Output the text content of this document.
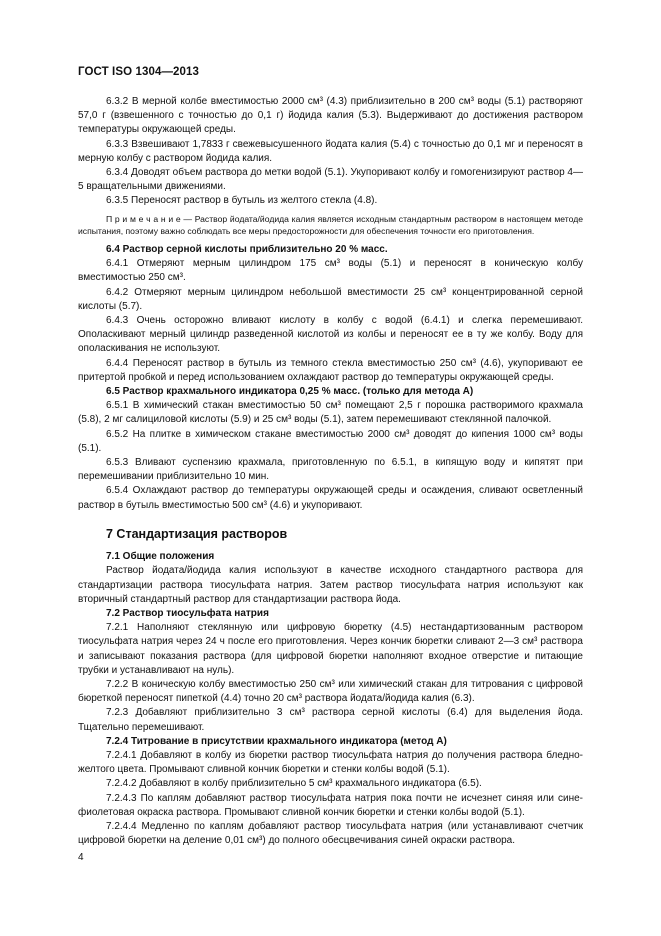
ГОСТ ISO 1304—2013

6.3.2 В мерной колбе вместимостью 2000 см³ (4.3) приблизительно в 200 см³ воды (5.1) растворяют 57,0 г (взвешенного с точностью до 0,1 г) йодида калия (5.3). Выдерживают до достижения раствором температуры окружающей среды.

6.3.3 Взвешивают 1,7833 г свежевысушенного йодата калия (5.4) с точностью до 0,1 мг и переносят в мерную колбу с раствором йодида калия.

6.3.4 Доводят объем раствора до метки водой (5.1). Укупоривают колбу и гомогенизируют раствор 4—5 вращательными движениями.

6.3.5 Переносят раствор в бутыль из желтого стекла (4.8).

П р и м е ч а н и е — Раствор йодата/йодида калия является исходным стандартным раствором в настоящем методе испытания, поэтому важно соблюдать все меры предосторожности для обеспечения точности его приготовления.

6.4 Раствор серной кислоты приблизительно 20 % масс.

6.4.1 Отмеряют мерным цилиндром 175 см³ воды (5.1) и переносят в коническую колбу вместимостью 250 см³.

6.4.2 Отмеряют мерным цилиндром небольшой вместимости 25 см³ концентрированной серной кислоты (5.7).

6.4.3 Очень осторожно вливают кислоту в колбу с водой (6.4.1) и слегка перемешивают. Ополаскивают мерный цилиндр разведенной кислотой из колбы и переносят ее в ту же колбу. Воду для ополаскивания не используют.

6.4.4 Переносят раствор в бутыль из темного стекла вместимостью 250 см³ (4.6), укупоривают ее притертой пробкой и перед использованием охлаждают раствор до температуры окружающей среды.

6.5 Раствор крахмального индикатора 0,25 % масс. (только для метода А)

6.5.1 В химический стакан вместимостью 50 см³ помещают 2,5 г порошка растворимого крахмала (5.8), 2 мг салициловой кислоты (5.9) и 25 см³ воды (5.1), затем перемешивают стеклянной палочкой.

6.5.2 На плитке в химическом стакане вместимостью 2000 см³ доводят до кипения 1000 см³ воды (5.1).

6.5.3 Вливают суспензию крахмала, приготовленную по 6.5.1, в кипящую воду и кипятят при перемешивании приблизительно 10 мин.

6.5.4 Охлаждают раствор до температуры окружающей среды и осаждения, сливают осветленный раствор в бутыль вместимостью 500 см³ (4.6) и укупоривают.

7 Стандартизация растворов

7.1 Общие положения

Раствор йодата/йодида калия используют в качестве исходного стандартного раствора для стандартизации раствора тиосульфата натрия. Затем раствор тиосульфата натрия используют как вторичный стандартный раствор для стандартизации раствора йода.

7.2 Раствор тиосульфата натрия

7.2.1 Наполняют стеклянную или цифровую бюретку (4.5) нестандартизованным раствором тиосульфата натрия через 24 ч после его приготовления. Через кончик бюретки сливают 2—3 см³ раствора и записывают показания раствора (для цифровой бюретки наполняют входное отверстие и питающие трубки и устанавливают на нуль).

7.2.2 В коническую колбу вместимостью 250 см³ или химический стакан для титрования с цифровой бюреткой переносят пипеткой (4.4) точно 20 см³ раствора йодата/йодида калия (6.3).

7.2.3 Добавляют приблизительно 3 см³ раствора серной кислоты (6.4) для выделения йода. Тщательно перемешивают.

7.2.4 Титрование в присутствии крахмального индикатора (метод А)

7.2.4.1 Добавляют в колбу из бюретки раствор тиосульфата натрия до получения раствора бледно-желтого цвета. Промывают сливной кончик бюретки и стенки колбы водой (5.1).

7.2.4.2 Добавляют в колбу приблизительно 5 см³ крахмального индикатора (6.5).

7.2.4.3 По каплям добавляют раствор тиосульфата натрия пока почти не исчезнет синяя или сине-фиолетовая окраска раствора. Промывают сливной кончик бюретки и стенки колбы водой (5.1).

7.2.4.4 Медленно по каплям добавляют раствор тиосульфата натрия (или устанавливают счетчик цифровой бюретки на деление 0,01 см³) до полного обесцвечивания синей окраски раствора.

4
